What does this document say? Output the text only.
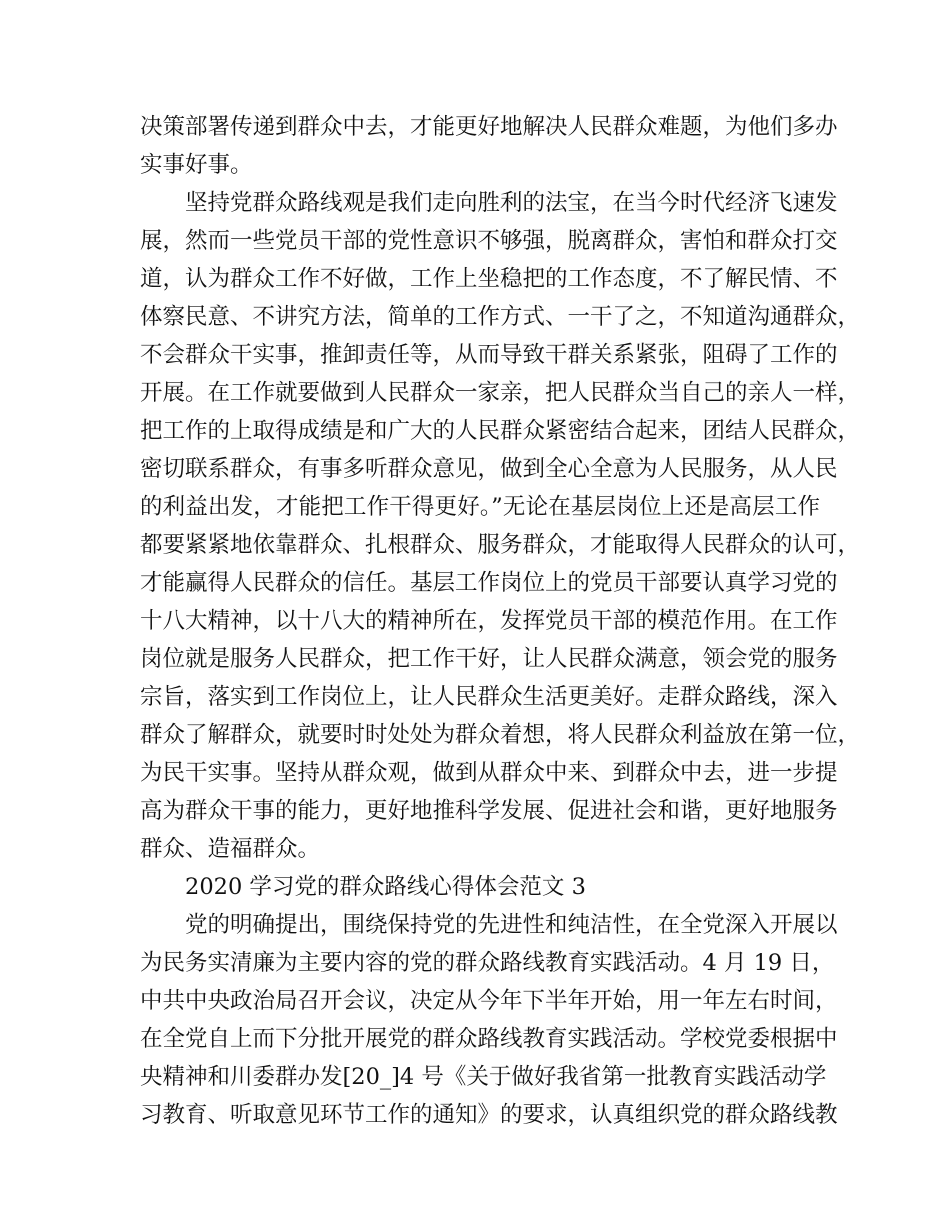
决策部署传递到群众中去，才能更好地解决人民群众难题，为他们多办
实事好事。
坚持党群众路线观是我们走向胜利的法宝，在当今时代经济飞速发
展，然而一些党员干部的党性意识不够强，脱离群众，害怕和群众打交
道，认为群众工作不好做，工作上坐稳把的工作态度，不了解民情、不
体察民意、不讲究方法，简单的工作方式、一干了之，不知道沟通群众，
不会群众干实事，推卸责任等，从而导致干群关系紧张，阻碍了工作的
开展。在工作就要做到人民群众一家亲，把人民群众当自己的亲人一样，
把工作的上取得成绩是和广大的人民群众紧密结合起来，团结人民群众，
密切联系群众，有事多听群众意见，做到全心全意为人民服务，从人民
的利益出发，才能把工作干得更好。”无论在基层岗位上还是高层工作
都要紧紧地依靠群众、扎根群众、服务群众，才能取得人民群众的认可，
才能赢得人民群众的信任。基层工作岗位上的党员干部要认真学习党的
十八大精神，以十八大的精神所在，发挥党员干部的模范作用。在工作
岗位就是服务人民群众，把工作干好，让人民群众满意，领会党的服务
宗旨，落实到工作岗位上，让人民群众生活更美好。走群众路线，深入
群众了解群众，就要时时处处为群众着想，将人民群众利益放在第一位，
为民干实事。坚持从群众观，做到从群众中来、到群众中去，进一步提
高为群众干事的能力，更好地推科学发展、促进社会和谐，更好地服务
群众、造福群众。
2020 学习党的群众路线心得体会范文 3
党的明确提出，围绕保持党的先进性和纯洁性，在全党深入开展以
为民务实清廉为主要内容的党的群众路线教育实践活动。4 月 19 日，
中共中央政治局召开会议，决定从今年下半年开始，用一年左右时间，
在全党自上而下分批开展党的群众路线教育实践活动。学校党委根据中
央精神和川委群办发[20_]4 号《关于做好我省第一批教育实践活动学
习教育、听取意见环节工作的通知》的要求，认真组织党的群众路线教
